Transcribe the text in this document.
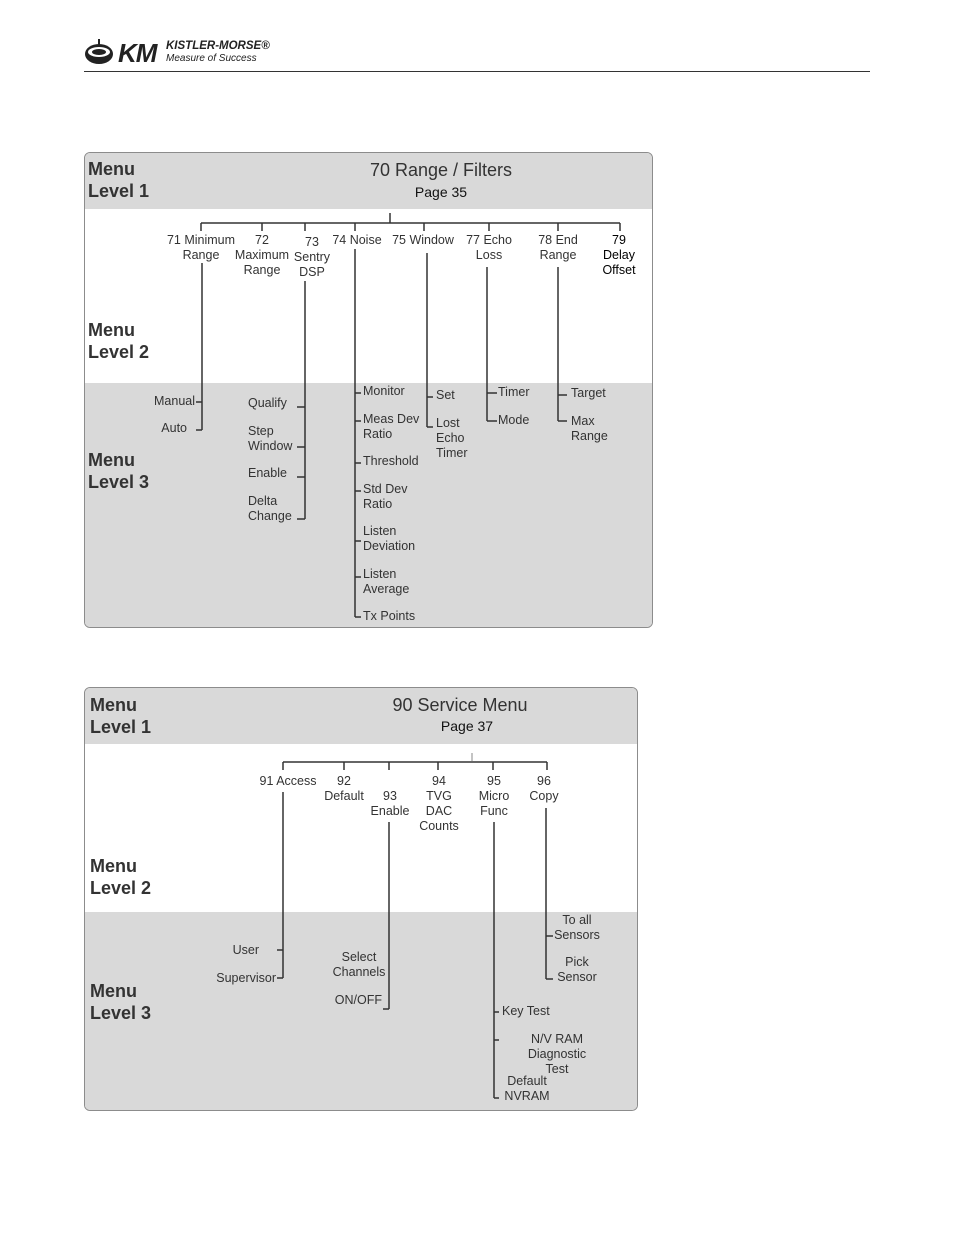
KM KISTLER-MORSE®
Measure of Success
Menu
Level 1
Menu
Level 2
Menu
Level 3
70 Range / Filters
Page 35
71 Minimum
Range
72
Maximum
Range
73
Sentry
DSP
74 Noise 75 Window 77 Echo
Loss
78 End
Range
79 Delay
Offset
Manual
Auto
Qualify
Step
Window
Enable
Delta
Change
Monitor
Meas Dev
Ratio
Threshold
Std Dev
Ratio
Listen
Deviation
Listen
Average
Tx Points
Set
Lost
Echo
Timer
Timer
Mode
Target
Max
Range
Menu
Level 1
Menu
Level 2
Menu
Level 3
90 Service Menu
Page 37
91 Access	92
Default	93
Enable
94
TVG
DAC
Counts
95
Micro
Func
96
Copy
User
Supervisor
Select
Channels
ON/OFF
Key Test
N/V RAM Diagnostic
Test
Default
NVRAM
To all
Sensors
Pick
Sensor
